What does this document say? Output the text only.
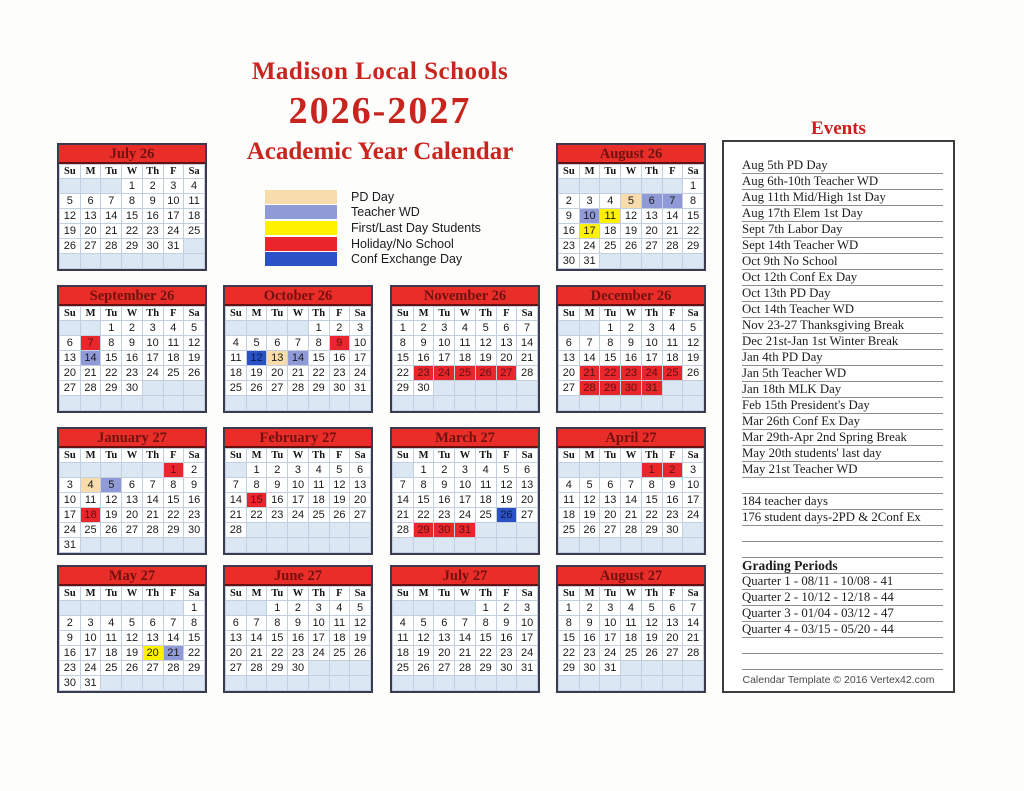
Madison Local Schools
2026-2027
Academic Year Calendar
PD Day
Teacher WD
First/Last Day Students
Holiday/No School
Conf Exchange Day
July 26
Su	M	Tu	W	Th	F	Sa
			1	2	3	4
5	6	7	8	9	10	11
12	13	14	15	16	17	18
19	20	21	22	23	24	25
26	27	28	29	30	31	

August 26
Su	M	Tu	W	Th	F	Sa
						1
2	3	4	5	6	7	8
9	10	11	12	13	14	15
16	17	18	19	20	21	22
23	24	25	26	27	28	29
30	31					
September 26
Su	M	Tu	W	Th	F	Sa
		1	2	3	4	5
6	7	8	9	10	11	12
13	14	15	16	17	18	19
20	21	22	23	24	25	26
27	28	29	30			

October 26
Su	M	Tu	W	Th	F	Sa
				1	2	3
4	5	6	7	8	9	10
11	12	13	14	15	16	17
18	19	20	21	22	23	24
25	26	27	28	29	30	31

November 26
Su	M	Tu	W	Th	F	Sa
1	2	3	4	5	6	7
8	9	10	11	12	13	14
15	16	17	18	19	20	21
22	23	24	25	26	27	28
29	30					

December 26
Su	M	Tu	W	Th	F	Sa
		1	2	3	4	5
6	7	8	9	10	11	12
13	14	15	16	17	18	19
20	21	22	23	24	25	26
27	28	29	30	31		

January 27
Su	M	Tu	W	Th	F	Sa
					1	2
3	4	5	6	7	8	9
10	11	12	13	14	15	16
17	18	19	20	21	22	23
24	25	26	27	28	29	30
31						
February 27
Su	M	Tu	W	Th	F	Sa
	1	2	3	4	5	6
7	8	9	10	11	12	13
14	15	16	17	18	19	20
21	22	23	24	25	26	27
28						

March 27
Su	M	Tu	W	Th	F	Sa
	1	2	3	4	5	6
7	8	9	10	11	12	13
14	15	16	17	18	19	20
21	22	23	24	25	26	27
28	29	30	31			

April 27
Su	M	Tu	W	Th	F	Sa
				1	2	3
4	5	6	7	8	9	10
11	12	13	14	15	16	17
18	19	20	21	22	23	24
25	26	27	28	29	30	

May 27
Su	M	Tu	W	Th	F	Sa
						1
2	3	4	5	6	7	8
9	10	11	12	13	14	15
16	17	18	19	20	21	22
23	24	25	26	27	28	29
30	31					
June 27
Su	M	Tu	W	Th	F	Sa
		1	2	3	4	5
6	7	8	9	10	11	12
13	14	15	16	17	18	19
20	21	22	23	24	25	26
27	28	29	30			

July 27
Su	M	Tu	W	Th	F	Sa
				1	2	3
4	5	6	7	8	9	10
11	12	13	14	15	16	17
18	19	20	21	22	23	24
25	26	27	28	29	30	31

August 27
Su	M	Tu	W	Th	F	Sa
1	2	3	4	5	6	7
8	9	10	11	12	13	14
15	16	17	18	19	20	21
22	23	24	25	26	27	28
29	30	31				

Events
Aug 5th PD Day
Aug 6th-10th Teacher WD
Aug 11th Mid/High 1st Day
Aug 17th Elem 1st Day
Sept 7th Labor Day
Sept 14th Teacher WD
Oct 9th No School
Oct 12th Conf Ex Day
Oct 13th PD Day
Oct 14th Teacher WD
Nov 23-27 Thanksgiving Break
Dec 21st-Jan 1st Winter Break
Jan 4th PD Day
Jan 5th Teacher WD
Jan 18th MLK Day
Feb 15th President's Day
Mar 26th Conf Ex Day
Mar 29th-Apr 2nd Spring Break
May 20th students' last day
May 21st Teacher WD
184 teacher days
176 student days-2PD & 2Conf Ex
Grading Periods
Quarter 1 - 08/11 - 10/08 - 41
Quarter 2 - 10/12 - 12/18 - 44
Quarter 3 - 01/04 - 03/12 - 47
Quarter 4 - 03/15 - 05/20 - 44
Calendar Template © 2016 Vertex42.com
